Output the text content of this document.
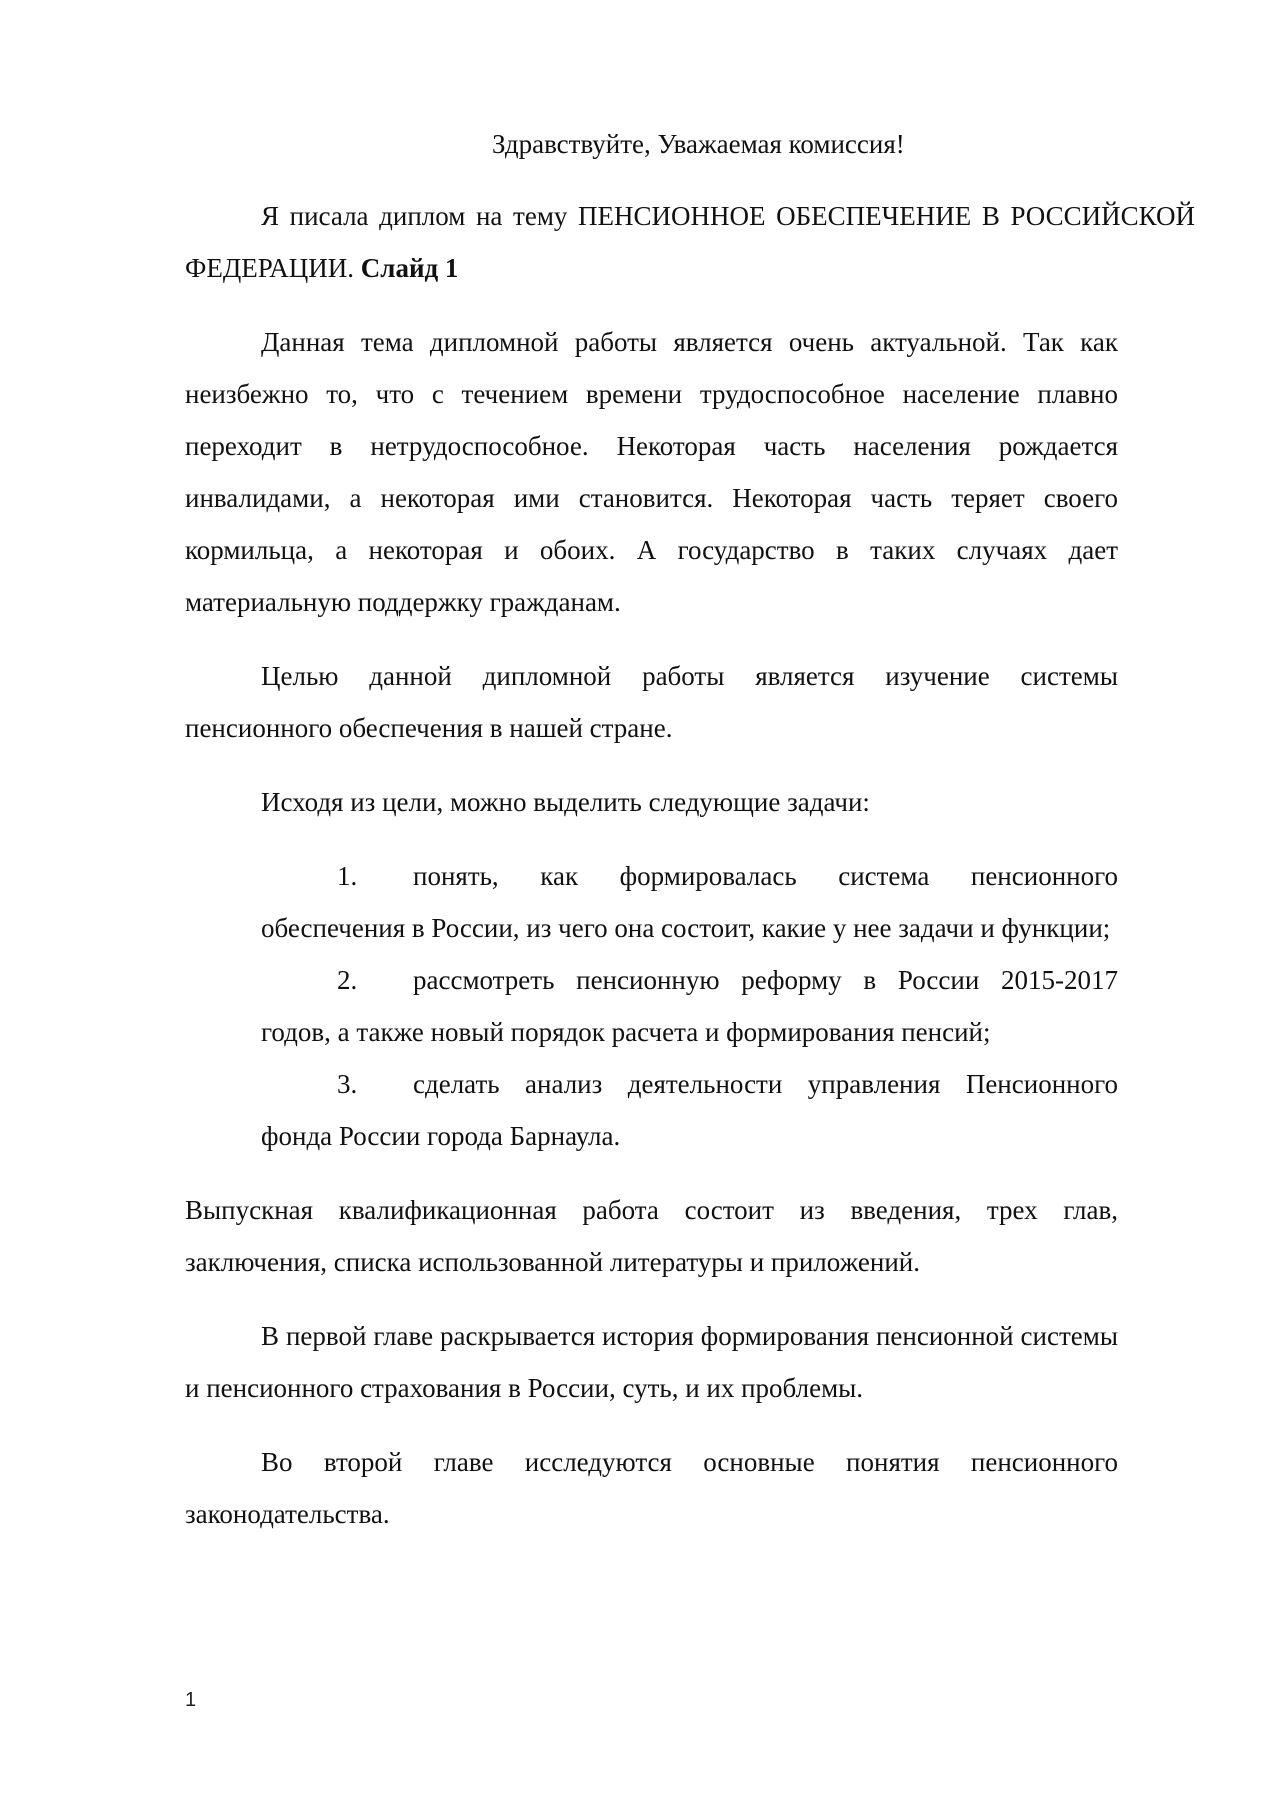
Здравствуйте, Уважаемая комиссия!

Я писала диплом на тему ПЕНСИОННОЕ ОБЕСПЕЧЕНИЕ В РОССИЙСКОЙ ФЕДЕРАЦИИ. Слайд 1

Данная тема дипломной работы является очень актуальной. Так как неизбежно то, что с течением времени трудоспособное население плавно переходит в нетрудоспособное. Некоторая часть населения рождается инвалидами, а некоторая ими становится. Некоторая часть теряет своего кормильца, а некоторая и обоих. А государство в таких случаях дает материальную поддержку гражданам.

Целью данной дипломной работы является изучение системы пенсионного обеспечения в нашей стране.

Исходя из цели, можно выделить следующие задачи:

1. понять, как формировалась система пенсионного обеспечения в России, из чего она состоит, какие у нее задачи и функции;
2. рассмотреть пенсионную реформу в России 2015-2017 годов, а также новый порядок расчета и формирования пенсий;
3. сделать анализ деятельности управления Пенсионного фонда России города Барнаула.

Выпускная квалификационная работа состоит из введения, трех глав, заключения, списка использованной литературы и приложений.

В первой главе раскрывается история формирования пенсионной системы и пенсионного страхования в России, суть, и их проблемы.

Во второй главе исследуются основные понятия пенсионного законодательства.

1
